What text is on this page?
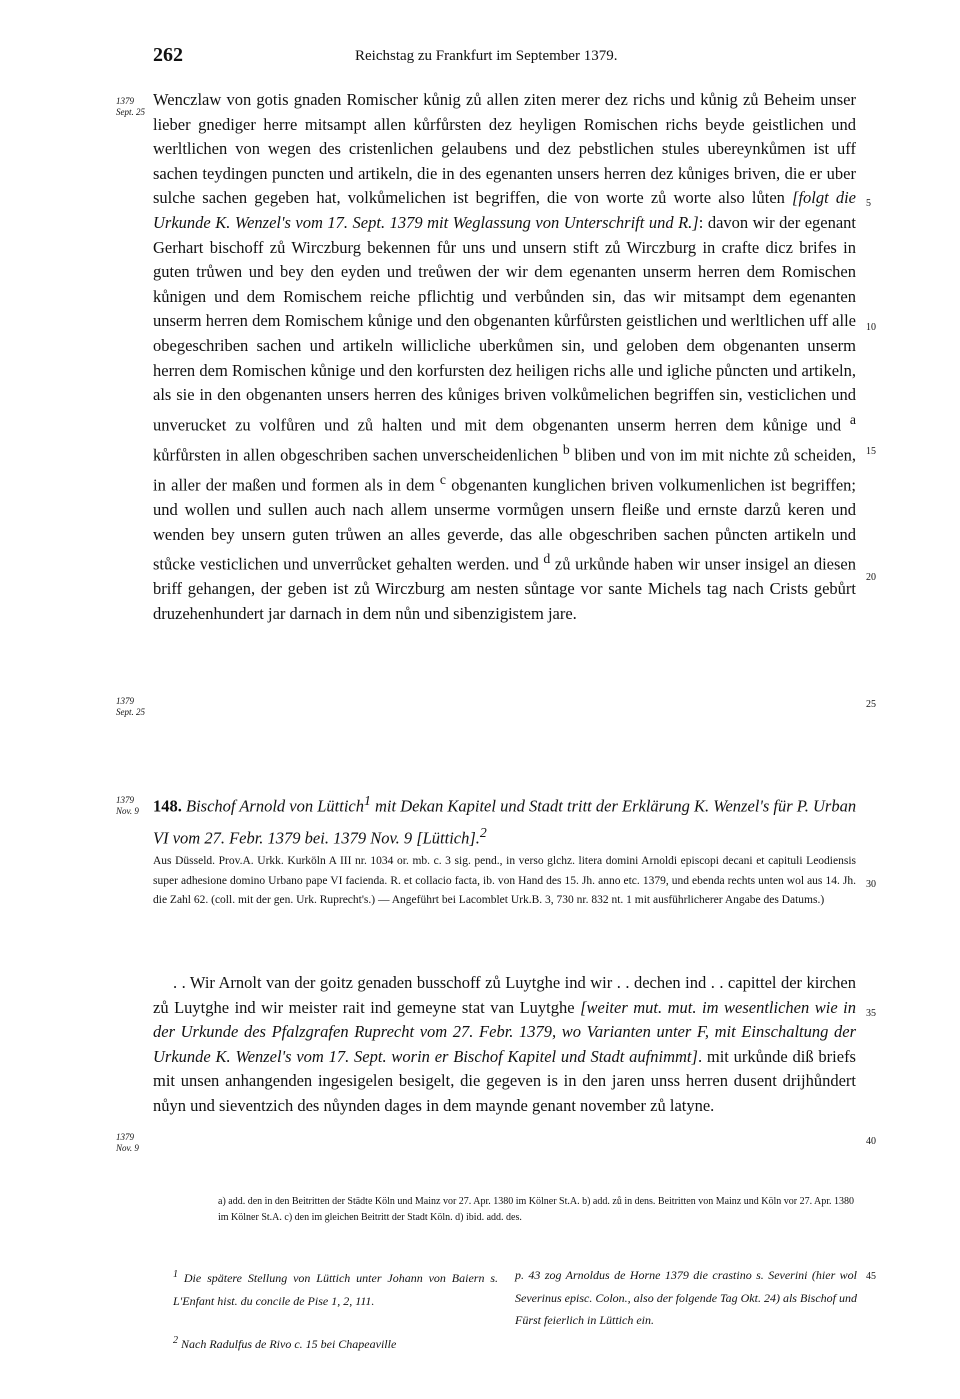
262	Reichstag zu Frankfurt im September 1379.
1379
Sept. 25
1379
Sept. 25
1379
Nov. 9
1379
Nov. 9

Wenczlaw von gotis gnaden Romischer kůnig zů allen ziten merer dez richs und kůnig zů Beheim unser lieber gnediger herre mitsampt allen kůrfůrsten dez heyligen Romischen richs beyde geistlichen und werltlichen von wegen des cristenlichen gelaubens und dez pebstlichen stules ubereynkůmen ist uff sachen teydingen puncten und artikeln, die in des egenanten unsers herren dez kůniges briven, die er uber sulche sachen gegeben hat, volkůmelichen ist begriffen, die von worte zů worte also lůten [folgt die Urkunde K. Wenzel's vom 17. Sept. 1379 mit Weglassung von Unterschrift und R.]: davon wir der egenant Gerhart bischoff zů Wirczburg bekennen fůr uns und unsern stift zů Wirczburg in crafte dicz brifes in guten trůwen und bey den eyden und treůwen der wir dem egenanten unserm herren dem Romischen kůnigen und dem Romischem reiche pflichtig und verbůnden sin, das wir mitsampt dem egenanten unserm herren dem Romischem kůnige und den obgenanten kůrfůrsten geistlichen und werltlichen uff alle obegeschriben sachen und artikeln willicliche uberkůmen sin, und geloben dem obgenanten unserm herren dem Romischen kůnige und den korfursten dez heiligen richs alle und igliche půncten und artikeln, als sie in den obgenanten unsers herren des kůniges briven volkůmelichen begriffen sin, vesticlichen und unverucket zu volfůren und zů halten und mit dem obgenanten unserm herren dem kůnige und $^a$ kůrfůrsten in allen obgeschriben sachen unverscheidenlichen $^b$ bliben und von im mit nichte zů scheiden, in aller der maßen und formen als in dem $^c$ obgenanten kunglichen briven volkumenlichen ist begriffen; und wollen und sullen auch nach allem unserme vormůgen unsern fleiße und ernste darzů keren und wenden bey unsern guten trůwen an alles geverde, das alle obgeschriben sachen půncten artikeln und stůcke vesticlichen und unverrůcket gehalten werden. und $^d$ zů urkůnde haben wir unser insigel an diesen briff gehangen, der geben ist zů Wirczburg am nesten sůntage vor sante Michels tag nach Crists gebůrt druzehenhundert jar darnach in dem nůn und sibenzigistem jare.

148. Bischof Arnold von Lüttich$^1$ mit Dekan Kapitel und Stadt tritt der Erklärung K. Wenzel's für P. Urban VI vom 27. Febr. 1379 bei. 1379 Nov. 9 [Lüttich].$^2$

Aus Düsseld. Prov.A. Urkk. Kurköln A III nr. 1034 or. mb. c. 3 sig. pend., in verso glchz. litera domini Arnoldi episcopi decani et capituli Leodiensis super adhesione domino Urbano pape VI facienda. R. et collacio facta, ib. von Hand des 15. Jh. anno etc. 1379, und ebenda rechts unten wol aus 14. Jh. die Zahl 62. (coll. mit der gen. Urk. Ruprecht's.) — Angeführt bei Lacomblet Urk.B. 3, 730 nr. 832 nt. 1 mit ausführlicherer Angabe des Datums.)

. . Wir Arnolt van der goitz genaden busschoff zů Luytghe ind wir . . dechen ind . . capittel der kirchen zů Luytghe ind wir meister rait ind gemeyne stat van Luytghe [weiter mut. mut. im wesentlichen wie in der Urkunde des Pfalzgrafen Ruprecht vom 27. Febr. 1379, wo Varianten unter F, mit Einschaltung der Urkunde K. Wenzel's vom 17. Sept. worin er Bischof Kapitel und Stadt aufnimmt]. mit urkůnde diß briefs mit unsen anhangenden ingesigelen besigelt, die gegeven is in den jaren unss herren dusent drijhůndert nůyn und sieventzich des nůynden dages in dem maynde genant november zů latyne.

a) add. den in den Beitritten der Städte Köln und Mainz vor 27. Apr. 1380 im Kölner St.A. b) add. zů in dens. Beitritten von Mainz und Köln vor 27. Apr. 1380 im Kölner St.A. c) den im gleichen Beitritt der Stadt Köln. d) ibid. add. des.

$^1$ Die spätere Stellung von Lüttich unter Johann von Baiern s. L'Enfant hist. du concile de Pise 1, 2, 111.

$^2$ Nach Radulfus de Rivo c. 15 bei Chapeaville

p. 43 zog Arnoldus de Horne 1379 die crastino s. Severini (hier wol Severinus episc. Colon., also der folgende Tag Okt. 24) als Bischof und Fürst feierlich in Lüttich ein.

5
10
15
20
25
30
35
40
45
